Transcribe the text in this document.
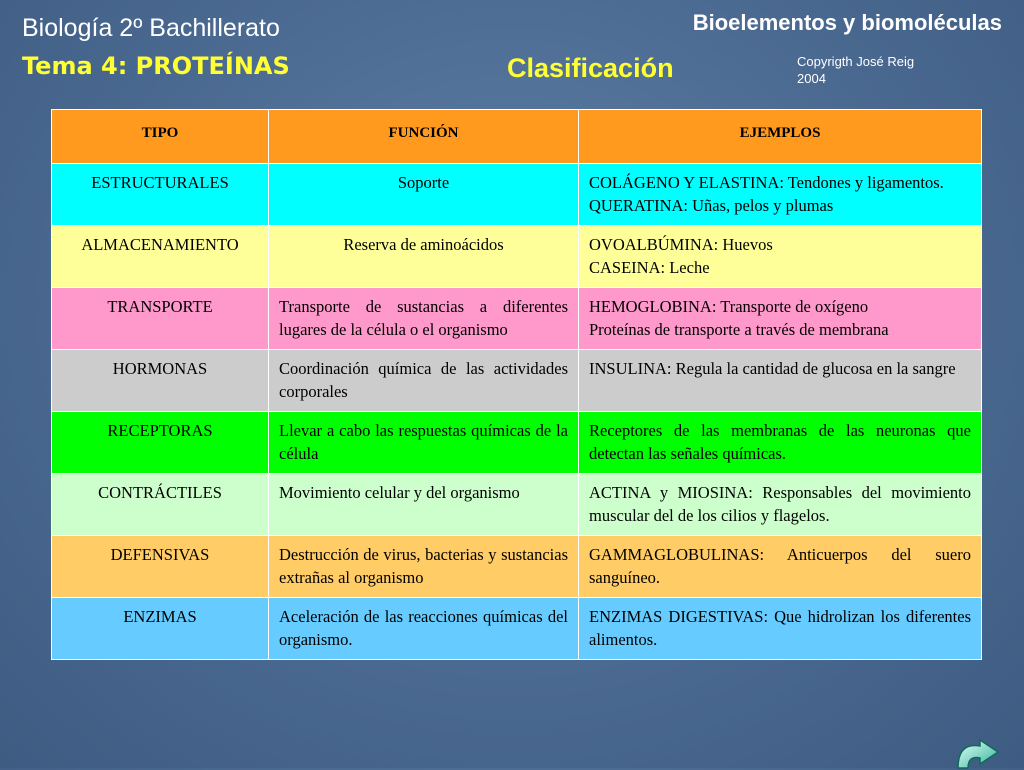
Biología 2º Bachillerato
Tema 4: PROTEÍNAS
Bioelementos y biomoléculas
Clasificación	Copyrigth José Reig
2004
TIPO	FUNCIÓN	EJEMPLOS
ESTRUCTURALES	Soporte	COLÁGENO Y ELASTINA: Tendones y ligamentos.
QUERATINA: Uñas, pelos y plumas

ALMACENAMIENTO	Reserva de aminoácidos	OVOALBÚMINA: Huevos
CASEINA: Leche

TRANSPORTE	Transporte de sustancias a diferentes lugares de la célula o el organismo	HEMOGLOBINA: Transporte de oxígeno
Proteínas de transporte a través de membrana

HORMONAS	Coordinación química de las actividades corporales	INSULINA: Regula la cantidad de glucosa en la sangre

RECEPTORAS	Llevar a cabo las respuestas químicas de la célula	Receptores de las membranas de las neuronas que detectan las señales químicas.

CONTRÁCTILES	Movimiento celular y del organismo	ACTINA y MIOSINA: Responsables del movimiento muscular del de los cilios y flagelos.

DEFENSIVAS	Destrucción de virus, bacterias y sustancias extrañas al organismo	GAMMAGLOBULINAS: Anticuerpos del suero sanguíneo.

ENZIMAS	Aceleración de las reacciones químicas del organismo.	ENZIMAS DIGESTIVAS: Que hidrolizan los diferentes alimentos.
